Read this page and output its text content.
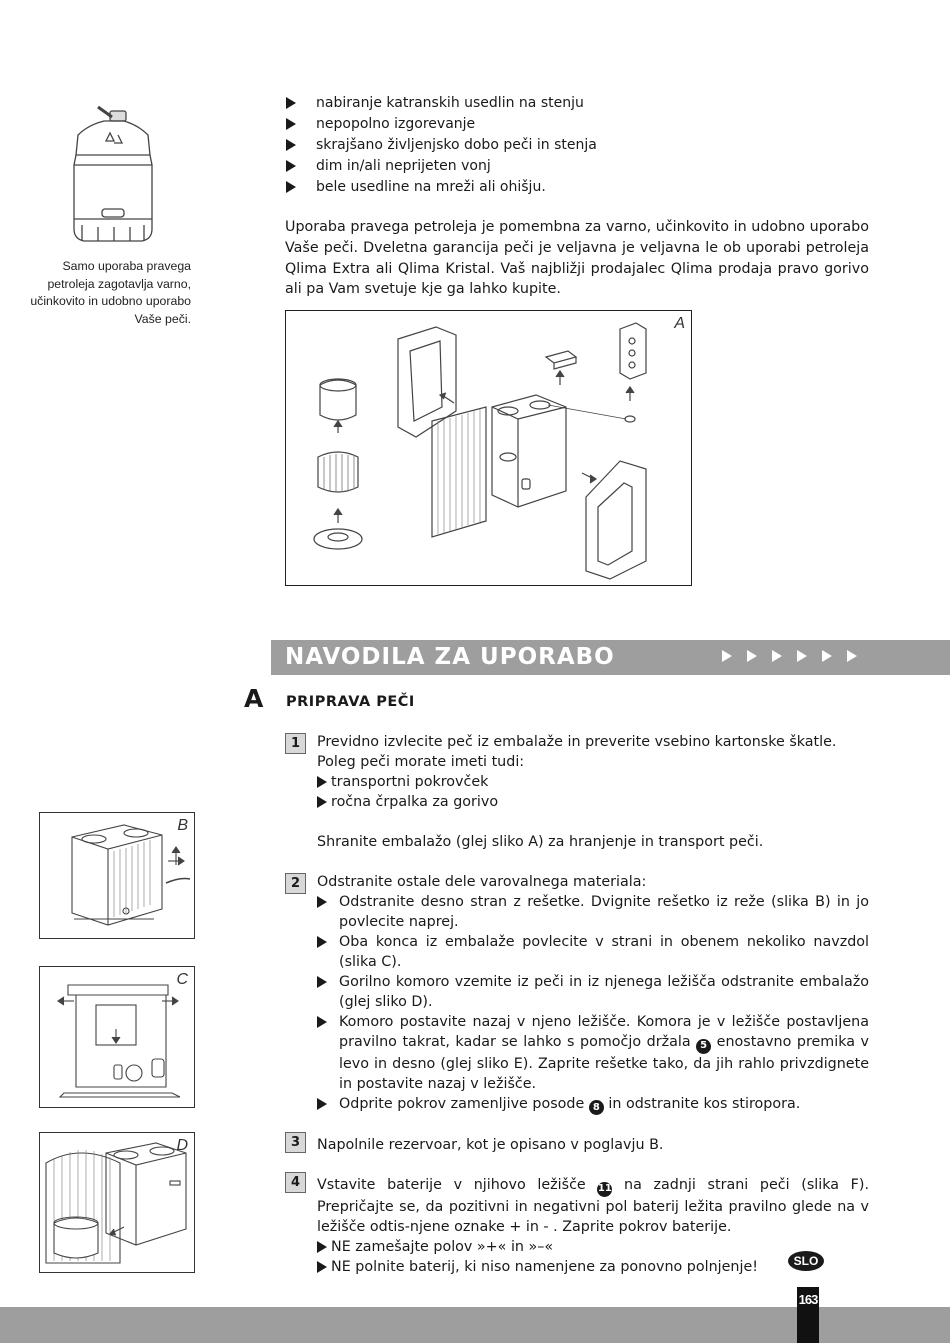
Samo uporaba pravega petroleja zagotavlja varno, učinkovito in udobno uporabo Vaše peči.
nabiranje katranskih usedlin na stenju
nepopolno izgorevanje
skrajšano življenjsko dobo peči in stenja
dim in/ali neprijeten vonj
bele usedline na mreži ali ohišju.

Uporaba pravega petroleja je pomembna za varno, učinkovito in udobno uporabo Vaše peči. Dveletna garancija peči je veljavna je veljavna le ob uporabi petroleja Qlima Extra ali Qlima Kristal. Vaš najbližji prodajalec Qlima prodaja pravo gorivo ali pa Vam svetuje kje ga lahko kupite.

A
NAVODILA ZA UPORABO
A PRIPRAVA PEČI
1
2
3
4

Previdno izvlecite peč iz embalaže in preverite vsebino kartonske škatle.

Poleg peči morate imeti tudi:

transportni pokrovček
ročna črpalka za gorivo

Shranite embalažo (glej sliko A) za hranjenje in transport peči.

Odstranite ostale dele varovalnega materiala:

Odstranite desno stran z rešetke. Dvignite rešetko iz reže (slika B) in jo povlecite naprej.
Oba konca iz embalaže povlecite v strani in obenem nekoliko navzdol (slika C).
Gorilno komoro vzemite iz peči in iz njenega ležišča odstranite embalažo (glej sliko D).
Komoro postavite nazaj v njeno ležišče. Komora je v ležišče postavljena pravilno takrat, kadar se lahko s pomočjo držala 5 enostavno premika v levo in desno (glej sliko E). Zaprite rešetke tako, da jih rahlo privzdignete in postavite nazaj v ležišče.
Odprite pokrov zamenljive posode 8 in odstranite kos stiropora.

Napolnile rezervoar, kot je opisano v poglavju B.

Vstavite baterije v njihovo ležišče 11 na zadnji strani peči (slika F). Prepričajte se, da pozitivni in negativni pol baterij ležita pravilno glede na v ležišče odtis-njene oznake + in - . Zaprite pokrov baterije.

NE zamešajte polov »+« in »–«
NE polnite baterij, ki niso namenjene za ponovno polnjenje!
B
C
D
SLO
163
